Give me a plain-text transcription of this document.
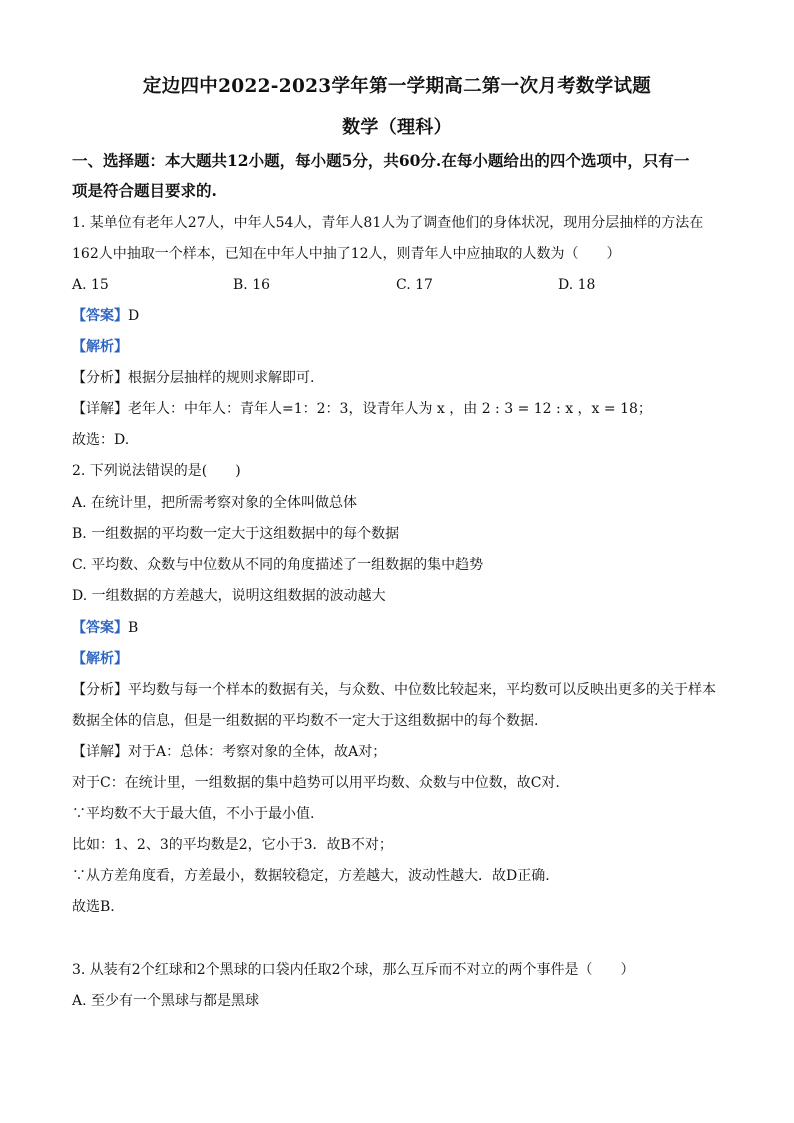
定边四中2022-2023学年第一学期高二第一次月考数学试题
数学（理科）
一、选择题：本大题共12小题，每小题5分，共60分.在每小题给出的四个选项中，只有一
项是符合题目要求的.
1. 某单位有老年人27人，中年人54人，青年人81人为了调查他们的身体状况，现用分层抽样的方法在
162人中抽取一个样本，已知在中年人中抽了12人，则青年人中应抽取的人数为（　　）
A. 15	B. 16	C. 17	D. 18
【答案】D
【解析】
【分析】根据分层抽样的规则求解即可.
【详解】老年人：中年人：青年人=1：2：3，设青年人为 x ，由 2 : 3 = 12 : x ，x = 18；
故选：D.
2. 下列说法错误的是(　　)
A. 在统计里，把所需考察对象的全体叫做总体
B. 一组数据的平均数一定大于这组数据中的每个数据
C. 平均数、众数与中位数从不同的角度描述了一组数据的集中趋势
D. 一组数据的方差越大，说明这组数据的波动越大
【答案】B
【解析】
【分析】平均数与每一个样本的数据有关，与众数、中位数比较起来，平均数可以反映出更多的关于样本
数据全体的信息，但是一组数据的平均数不一定大于这组数据中的每个数据.
【详解】对于A：总体：考察对象的全体，故A对；
对于C：在统计里，一组数据的集中趋势可以用平均数、众数与中位数，故C对.
∵平均数不大于最大值，不小于最小值.
比如：1、2、3的平均数是2，它小于3．故B不对；
∵从方差角度看，方差最小，数据较稳定，方差越大，波动性越大．故D正确.
故选B.
3. 从装有2个红球和2个黑球的口袋内任取2个球，那么互斥而不对立的两个事件是（　　）
A. 至少有一个黑球与都是黑球
